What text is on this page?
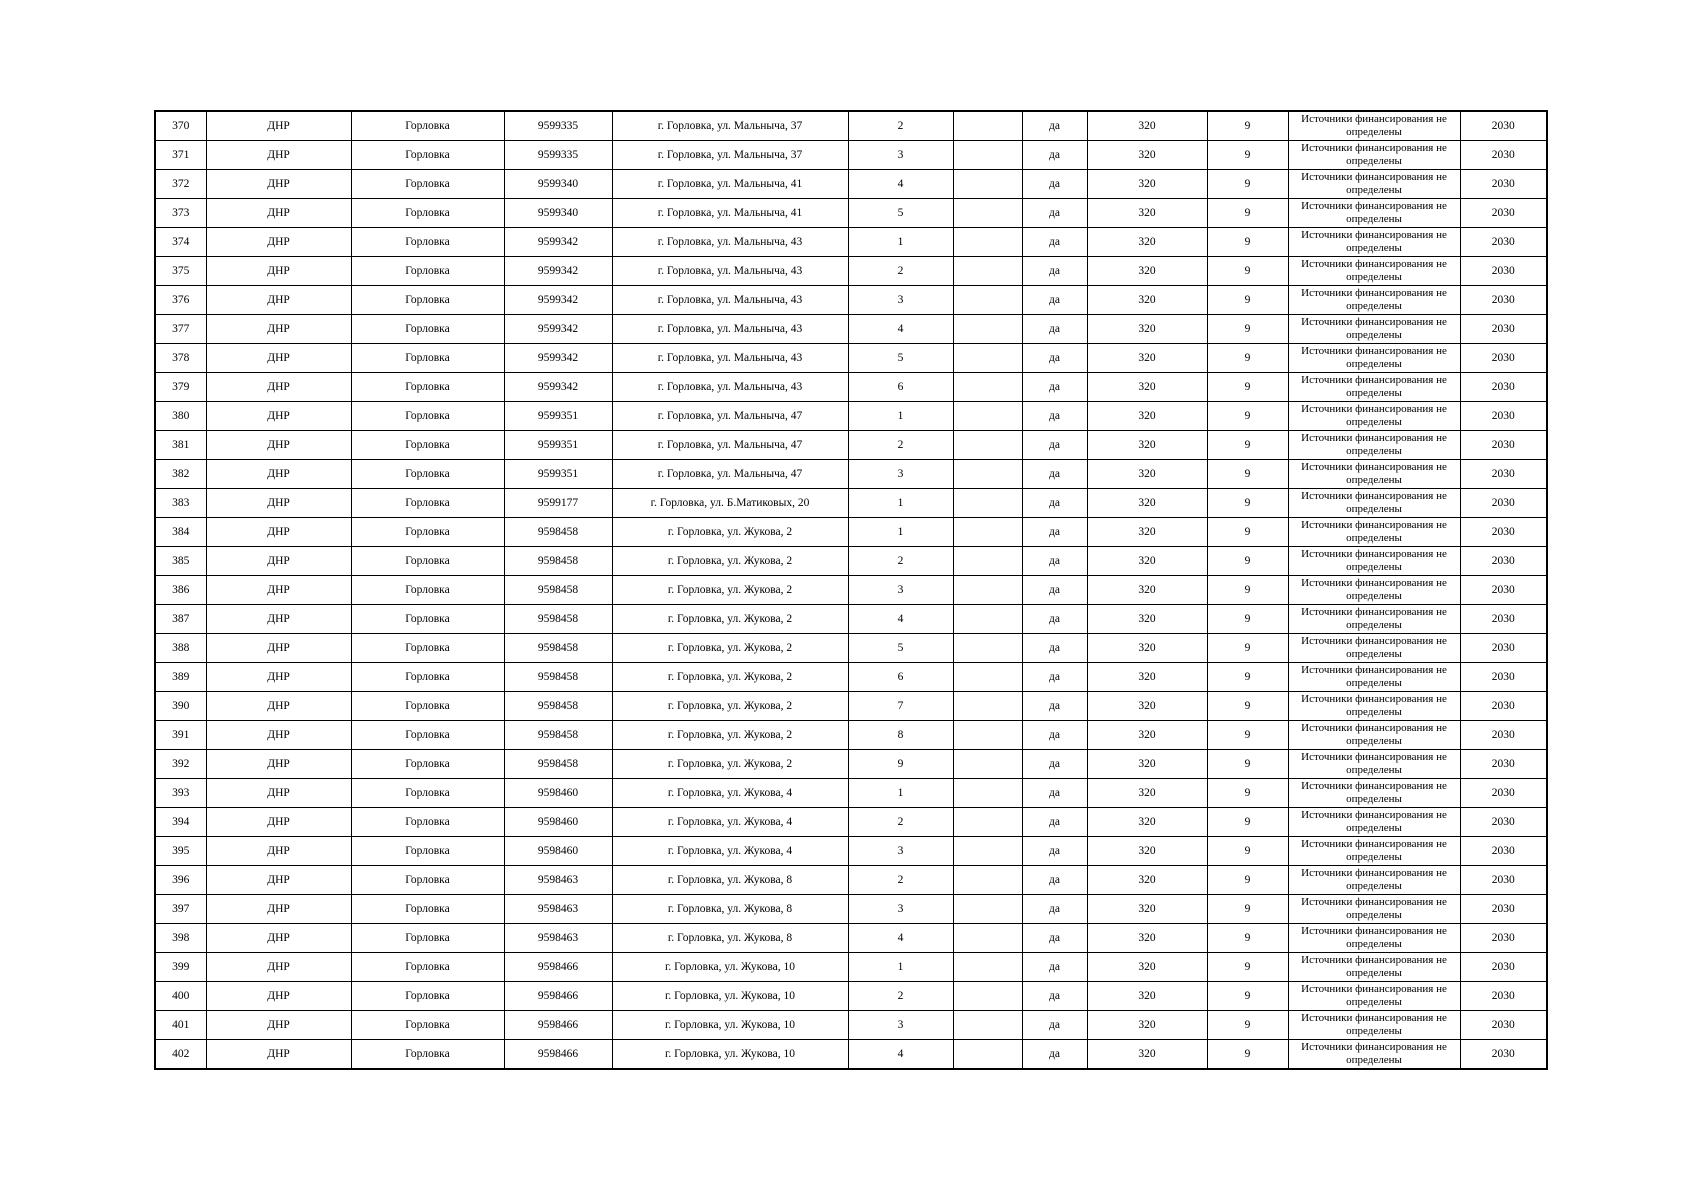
370	ДНР	Горловка	9599335	г. Горловка, ул. Мальныча, 37	2		да	320	9	Источники финансирования не определены	2030
371	ДНР	Горловка	9599335	г. Горловка, ул. Мальныча, 37	3		да	320	9	Источники финансирования не определены	2030
372	ДНР	Горловка	9599340	г. Горловка, ул. Мальныча, 41	4		да	320	9	Источники финансирования не определены	2030
373	ДНР	Горловка	9599340	г. Горловка, ул. Мальныча, 41	5		да	320	9	Источники финансирования не определены	2030
374	ДНР	Горловка	9599342	г. Горловка, ул. Мальныча, 43	1		да	320	9	Источники финансирования не определены	2030
375	ДНР	Горловка	9599342	г. Горловка, ул. Мальныча, 43	2		да	320	9	Источники финансирования не определены	2030
376	ДНР	Горловка	9599342	г. Горловка, ул. Мальныча, 43	3		да	320	9	Источники финансирования не определены	2030
377	ДНР	Горловка	9599342	г. Горловка, ул. Мальныча, 43	4		да	320	9	Источники финансирования не определены	2030
378	ДНР	Горловка	9599342	г. Горловка, ул. Мальныча, 43	5		да	320	9	Источники финансирования не определены	2030
379	ДНР	Горловка	9599342	г. Горловка, ул. Мальныча, 43	6		да	320	9	Источники финансирования не определены	2030
380	ДНР	Горловка	9599351	г. Горловка, ул. Мальныча, 47	1		да	320	9	Источники финансирования не определены	2030
381	ДНР	Горловка	9599351	г. Горловка, ул. Мальныча, 47	2		да	320	9	Источники финансирования не определены	2030
382	ДНР	Горловка	9599351	г. Горловка, ул. Мальныча, 47	3		да	320	9	Источники финансирования не определены	2030
383	ДНР	Горловка	9599177	г. Горловка, ул. Б.Матиковых, 20	1		да	320	9	Источники финансирования не определены	2030
384	ДНР	Горловка	9598458	г. Горловка, ул. Жукова, 2	1		да	320	9	Источники финансирования не определены	2030
385	ДНР	Горловка	9598458	г. Горловка, ул. Жукова, 2	2		да	320	9	Источники финансирования не определены	2030
386	ДНР	Горловка	9598458	г. Горловка, ул. Жукова, 2	3		да	320	9	Источники финансирования не определены	2030
387	ДНР	Горловка	9598458	г. Горловка, ул. Жукова, 2	4		да	320	9	Источники финансирования не определены	2030
388	ДНР	Горловка	9598458	г. Горловка, ул. Жукова, 2	5		да	320	9	Источники финансирования не определены	2030
389	ДНР	Горловка	9598458	г. Горловка, ул. Жукова, 2	6		да	320	9	Источники финансирования не определены	2030
390	ДНР	Горловка	9598458	г. Горловка, ул. Жукова, 2	7		да	320	9	Источники финансирования не определены	2030
391	ДНР	Горловка	9598458	г. Горловка, ул. Жукова, 2	8		да	320	9	Источники финансирования не определены	2030
392	ДНР	Горловка	9598458	г. Горловка, ул. Жукова, 2	9		да	320	9	Источники финансирования не определены	2030
393	ДНР	Горловка	9598460	г. Горловка, ул. Жукова, 4	1		да	320	9	Источники финансирования не определены	2030
394	ДНР	Горловка	9598460	г. Горловка, ул. Жукова, 4	2		да	320	9	Источники финансирования не определены	2030
395	ДНР	Горловка	9598460	г. Горловка, ул. Жукова, 4	3		да	320	9	Источники финансирования не определены	2030
396	ДНР	Горловка	9598463	г. Горловка, ул. Жукова, 8	2		да	320	9	Источники финансирования не определены	2030
397	ДНР	Горловка	9598463	г. Горловка, ул. Жукова, 8	3		да	320	9	Источники финансирования не определены	2030
398	ДНР	Горловка	9598463	г. Горловка, ул. Жукова, 8	4		да	320	9	Источники финансирования не определены	2030
399	ДНР	Горловка	9598466	г. Горловка, ул. Жукова, 10	1		да	320	9	Источники финансирования не определены	2030
400	ДНР	Горловка	9598466	г. Горловка, ул. Жукова, 10	2		да	320	9	Источники финансирования не определены	2030
401	ДНР	Горловка	9598466	г. Горловка, ул. Жукова, 10	3		да	320	9	Источники финансирования не определены	2030
402	ДНР	Горловка	9598466	г. Горловка, ул. Жукова, 10	4		да	320	9	Источники финансирования не определены	2030
